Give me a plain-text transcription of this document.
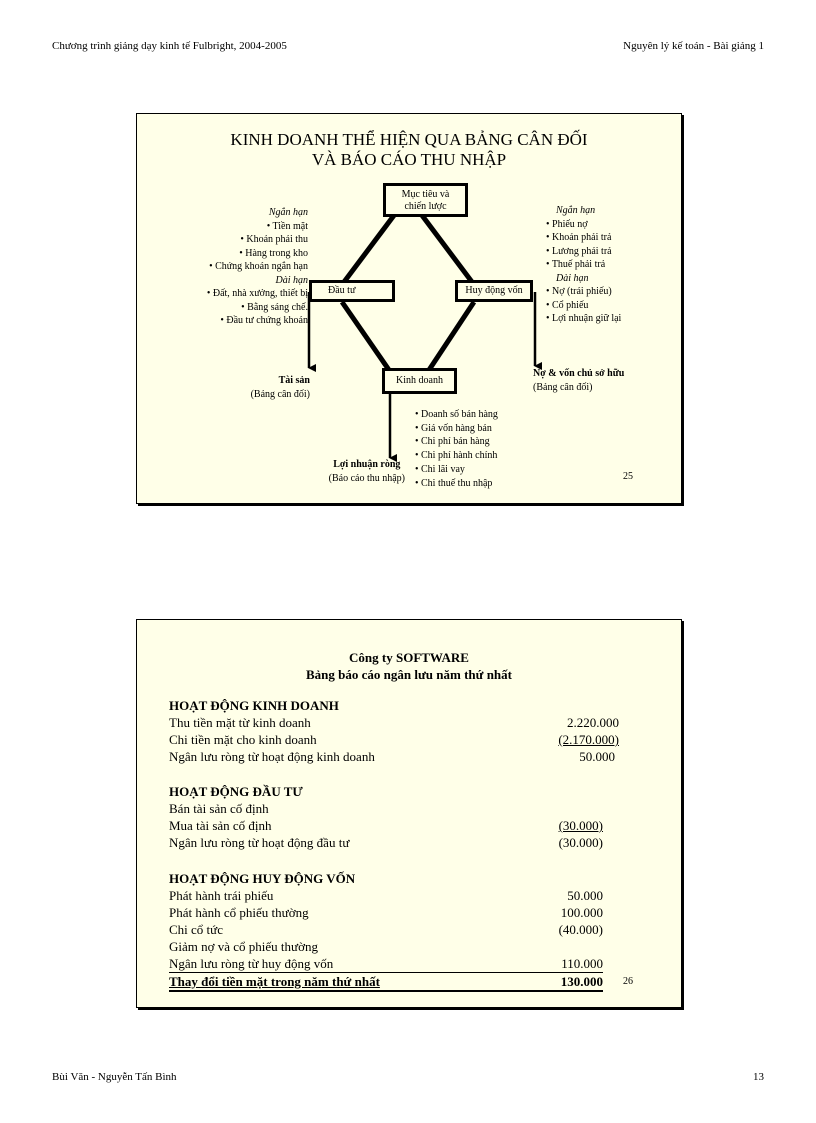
Chương trình giảng dạy kinh tế Fulbright, 2004-2005	Nguyên lý kế toán - Bài giảng 1
KINH DOANH THỂ HIỆN QUA BẢNG CÂN ĐỐI
VÀ BÁO CÁO THU NHẬP
Mục tiêu và
chiến lược
Đầu tư	Huy động vốn
Kinh doanh
Ngắn hạn
• Tiền mặt
• Khoản phải thu
• Hàng trong kho
• Chứng khoán ngắn hạn
Dài hạn
• Đất, nhà xưởng, thiết bị
• Bằng sáng chế.
• Đầu tư chứng khoán
Ngắn hạn
• Phiếu nợ
• Khoản phải trả
• Lương phải trả
• Thuế phải trả
Dài hạn
• Nợ (trái phiếu)
• Cổ phiếu
• Lợi nhuận giữ lại
Tài sản
(Bảng cân đối)
Nợ & vốn chủ sở hữu
(Bảng cân đối)
Lợi nhuận ròng
(Báo cáo thu nhập)
• Doanh số bán hàng
• Giá vốn hàng bán
• Chi phí bán hàng
• Chi phí hành chính
• Chi lãi vay
• Chi thuế thu nhập
25
Công ty SOFTWARE
Bảng báo cáo ngân lưu năm thứ nhất
HOẠT ĐỘNG KINH DOANH
Thu tiền mặt từ kinh doanh	2.220.000
Chi tiền mặt cho kinh doanh	(2.170.000)
Ngân lưu ròng từ hoạt động kinh doanh	50.000
HOẠT ĐỘNG ĐẦU TƯ
Bán tài sản cố định
Mua tài sản cố định	(30.000)
Ngân lưu ròng từ hoạt động đầu tư	(30.000)
HOẠT ĐỘNG HUY ĐỘNG VỐN
Phát hành trái phiếu	50.000
Phát hành cổ phiếu thường	100.000
Chi cổ tức	(40.000)
Giảm nợ và cổ phiếu thường
Ngân lưu ròng từ huy động vốn	110.000
Thay đổi tiền mặt trong năm thứ nhất	130.000 26
Bùi Văn - Nguyễn Tấn Bình	13
